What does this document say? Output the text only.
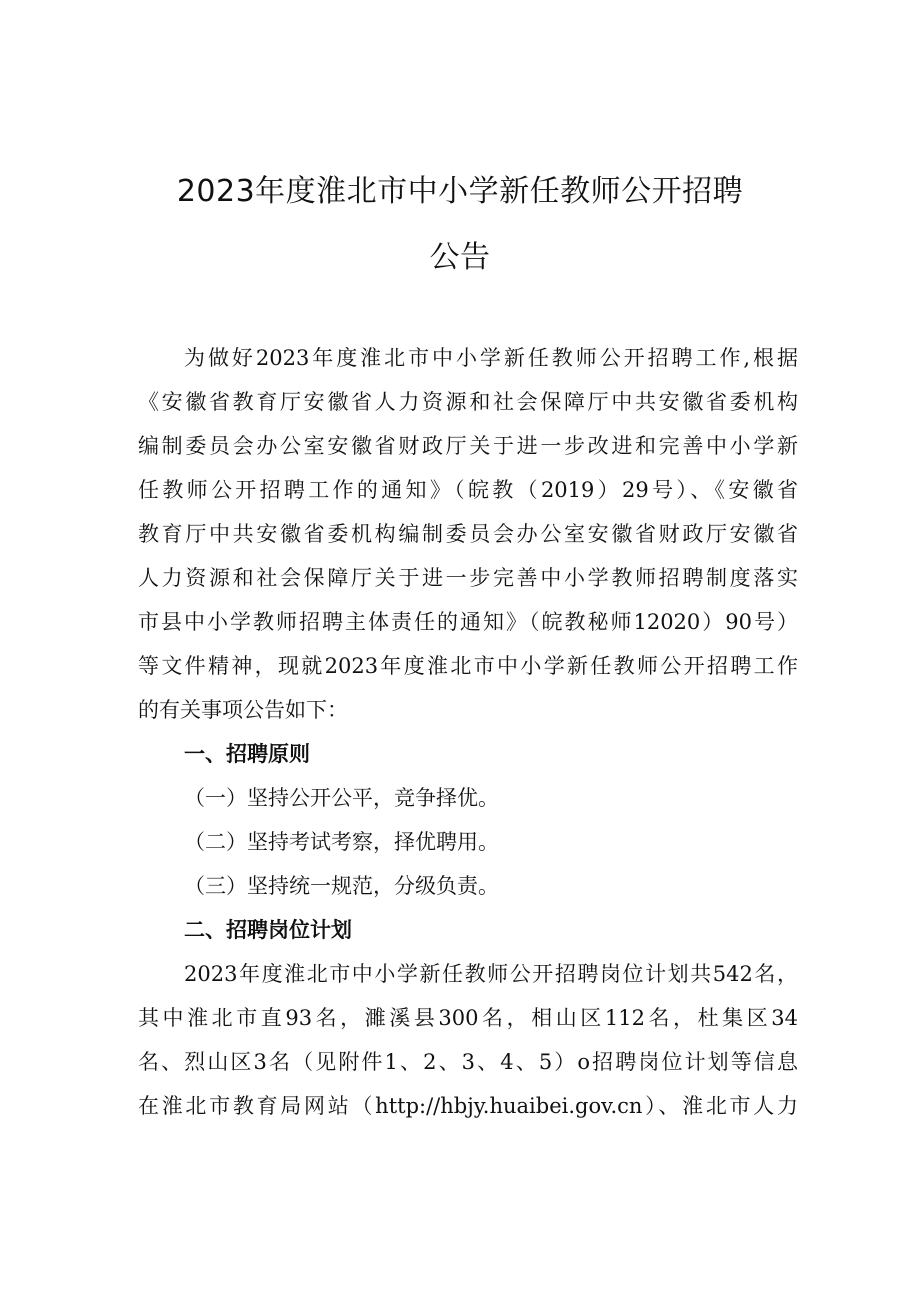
2023年度淮北市中小学新任教师公开招聘
公告
为做好2023年度淮北市中小学新任教师公开招聘工作,根据
《安徽省教育厅安徽省人力资源和社会保障厅中共安徽省委机构
编制委员会办公室安徽省财政厅关于进一步改进和完善中小学新
任教师公开招聘工作的通知》（皖教（2019）29号）、《安徽省
教育厅中共安徽省委机构编制委员会办公室安徽省财政厅安徽省
人力资源和社会保障厅关于进一步完善中小学教师招聘制度落实
市县中小学教师招聘主体责任的通知》（皖教秘师12020）90号）
等文件精神，现就2023年度淮北市中小学新任教师公开招聘工作
的有关事项公告如下：
一、招聘原则
（一）坚持公开公平，竞争择优。
（二）坚持考试考察，择优聘用。
（三）坚持统一规范，分级负责。
二、招聘岗位计划
2023年度淮北市中小学新任教师公开招聘岗位计划共542名，
其中淮北市直93名，濉溪县300名，相山区112名，杜集区34
名、烈山区3名（见附件1、2、3、4、5）o招聘岗位计划等信息
在淮北市教育局网站（http://hbjy.huaibei.gov.cn）、淮北市人力
